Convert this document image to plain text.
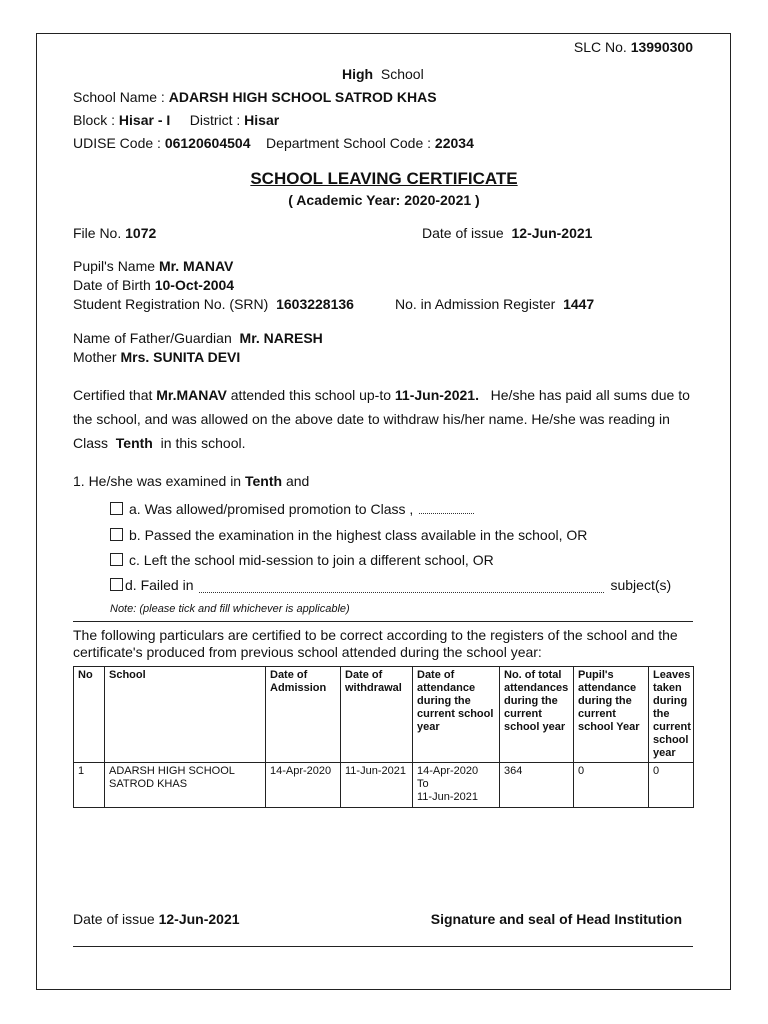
SLC No. 13990300
High School
School Name : ADARSH HIGH SCHOOL SATROD KHAS
Block : Hisar - I District : Hisar
UDISE Code : 06120604504 Department School Code : 22034
SCHOOL LEAVING CERTIFICATE
( Academic Year: 2020-2021 )
File No. 1072	Date of issue 12-Jun-2021
Pupil's Name Mr. MANAV
Date of Birth 10-Oct-2004
Student Registration No. (SRN) 1603228136	No. in Admission Register 1447
Name of Father/Guardian Mr. NARESH
Mother Mrs. SUNITA DEVI
Certified that Mr.MANAV attended this school up-to 11-Jun-2021. He/she has paid all sums due to the school, and was allowed on the above date to withdraw his/her name. He/she was reading in Class Tenth in this school.
1. He/she was examined in Tenth and
a. Was allowed/promised promotion to Class ,
b. Passed the examination in the highest class available in the school, OR
c. Left the school mid-session to join a different school, OR
d. Failed in	subject(s)
Note: (please tick and fill whichever is applicable)
The following particulars are certified to be correct according to the registers of the school and the certificate's produced from previous school attended during the school year:
No	School	Date of Admission	Date of withdrawal	Date of attendance during the current school year	No. of total attendances during the current school year	Pupil's attendance during the current school Year	Leaves taken during the current school year
1	ADARSH HIGH SCHOOL SATROD KHAS	14-Apr-2020	11-Jun-2021	14-Apr-2020
To
11-Jun-2021	364	0	0
Date of issue 12-Jun-2021	Signature and seal of Head Institution
